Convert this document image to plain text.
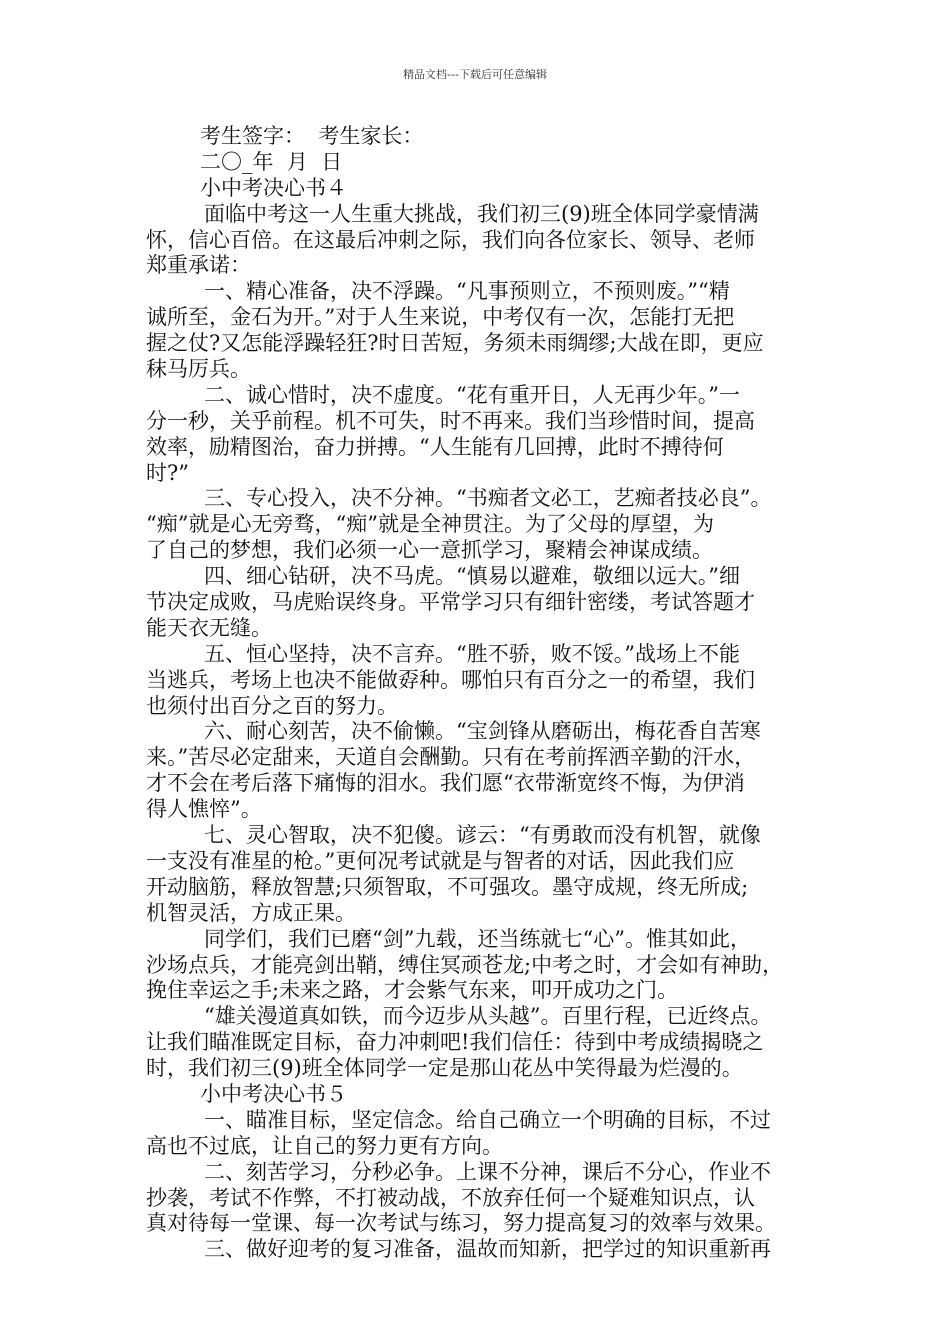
精品文档---下载后可任意编辑
考生签字：  考生家长：
二〇_年  月  日
小中考决心书４
面临中考这一人生重大挑战，我们初三(9)班全体同学豪情满
怀，信心百倍。在这最后冲刺之际，我们向各位家长、领导、老师
郑重承诺：
一、精心准备，决不浮躁。“凡事预则立，不预则废。”“精
诚所至，金石为开。”对于人生来说，中考仅有一次，怎能打无把
握之仗?又怎能浮躁轻狂?时日苦短，务须未雨绸缪;大战在即，更应
秣马厉兵。
二、诚心惜时，决不虚度。“花有重开日，人无再少年。”一
分一秒，关乎前程。机不可失，时不再来。我们当珍惜时间，提高
效率，励精图治，奋力拼搏。“人生能有几回搏，此时不搏待何
时?”
三、专心投入，决不分神。“书痴者文必工，艺痴者技必良”。
“痴”就是心无旁骛，“痴”就是全神贯注。为了父母的厚望，为
了自己的梦想，我们必须一心一意抓学习，聚精会神谋成绩。
四、细心钻研，决不马虎。“慎易以避难，敬细以远大。”细
节决定成败，马虎贻误终身。平常学习只有细针密缕，考试答题才
能天衣无缝。
五、恒心坚持，决不言弃。“胜不骄，败不馁。”战场上不能
当逃兵，考场上也决不能做孬种。哪怕只有百分之一的希望，我们
也须付出百分之百的努力。
六、耐心刻苦，决不偷懒。“宝剑锋从磨砺出，梅花香自苦寒
来。”苦尽必定甜来，天道自会酬勤。只有在考前挥洒辛勤的汗水，
才不会在考后落下痛悔的泪水。我们愿“衣带渐宽终不悔，为伊消
得人憔悴”。
七、灵心智取，决不犯傻。谚云：“有勇敢而没有机智，就像
一支没有准星的枪。”更何况考试就是与智者的对话，因此我们应
开动脑筋，释放智慧;只须智取，不可强攻。墨守成规，终无所成;
机智灵活，方成正果。
同学们，我们已磨“剑”九载，还当练就七“心”。惟其如此，
沙场点兵，才能亮剑出鞘，缚住冥顽苍龙;中考之时，才会如有神助，
挽住幸运之手;未来之路，才会紫气东来，叩开成功之门。
“雄关漫道真如铁，而今迈步从头越”。百里行程，已近终点。
让我们瞄准既定目标，奋力冲刺吧!我们信任：待到中考成绩揭晓之
时，我们初三(9)班全体同学一定是那山花丛中笑得最为烂漫的。
小中考决心书５
一、瞄准目标，坚定信念。给自己确立一个明确的目标，不过
高也不过底，让自己的努力更有方向。
二、刻苦学习，分秒必争。上课不分神，课后不分心，作业不
抄袭，考试不作弊，不打被动战，不放弃任何一个疑难知识点，认
真对待每一堂课、每一次考试与练习，努力提高复习的效率与效果。
三、做好迎考的复习准备，温故而知新，把学过的知识重新再
